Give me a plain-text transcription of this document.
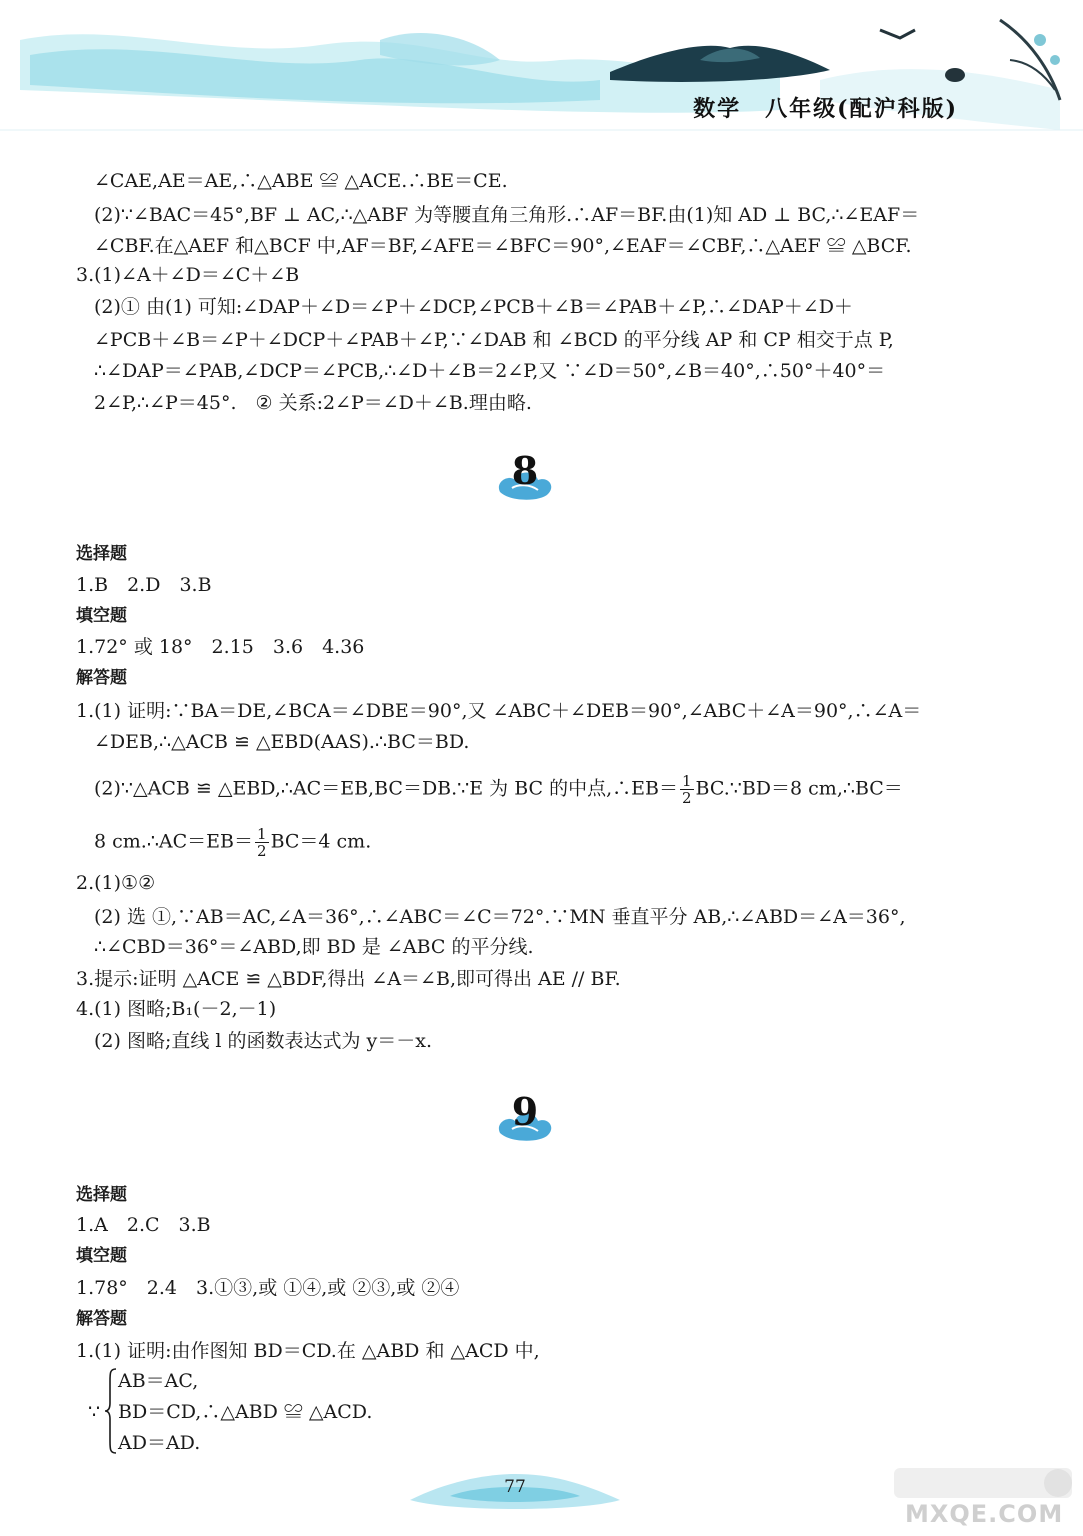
数学　八年级(配沪科版)
∠CAE,AE＝AE,∴△ABE ≌ △ACE.∴BE＝CE.
(2)∵∠BAC＝45°,BF ⊥ AC,∴△ABF 为等腰直角三角形.∴AF＝BF.由(1)知 AD ⊥ BC,∴∠EAF＝
∠CBF.在△AEF 和△BCF 中,AF＝BF,∠AFE＝∠BFC＝90°,∠EAF＝∠CBF,∴△AEF ≌ △BCF.
3.(1)∠A＋∠D＝∠C＋∠B
(2)① 由(1) 可知:∠DAP＋∠D＝∠P＋∠DCP,∠PCB＋∠B＝∠PAB＋∠P,∴∠DAP＋∠D＋
∠PCB＋∠B＝∠P＋∠DCP＋∠PAB＋∠P,∵∠DAB 和 ∠BCD 的平分线 AP 和 CP 相交于点 P,
∴∠DAP＝∠PAB,∠DCP＝∠PCB,∴∠D＋∠B＝2∠P,又 ∵∠D＝50°,∠B＝40°,∴50°＋40°＝
2∠P,∴∠P＝45°.　② 关系:2∠P＝∠D＋∠B.理由略.
8
选择题
1.B　2.D　3.B
填空题
1.72° 或 18°　2.15　3.6　4.36
解答题
1.(1) 证明:∵BA＝DE,∠BCA＝∠DBE＝90°,又 ∠ABC＋∠DEB＝90°,∠ABC＋∠A＝90°,∴∠A＝
∠DEB,∴△ACB ≌ △EBD(AAS).∴BC＝BD.
(2)∵△ACB ≌ △EBD,∴AC＝EB,BC＝DB.∵E 为 BC 的中点,∴EB＝ $\frac{1}{2}$ BC.∵BD＝8 cm,∴BC＝
8 cm.∴AC＝EB＝ $\frac{1}{2} BC=4$ cm.
2.(1)①②
(2) 选 ①,∵AB＝AC,∠A＝36°,∴∠ABC＝∠C＝72°.∵MN 垂直平分 AB,∴∠ABD＝∠A＝36°,
∴∠CBD＝36°＝∠ABD,即 BD 是 ∠ABC 的平分线.
3.提示:证明 △ACE ≌ △BDF,得出 ∠A＝∠B,即可得出 AE // BF.
4.(1) 图略;B₁(－2,－1)
(2) 图略;直线 l 的函数表达式为 y＝－x.
9
选择题
1.A　2.C　3.B
填空题
1.78°　2.4　3.①③,或 ①④,或 ②③,或 ②④
解答题
1.(1) 证明:由作图知 BD＝CD.在 △ABD 和 △ACD 中,
∵
AB＝AC,
BD＝CD,∴△ABD ≌ △ACD.
AD＝AD.
77
MXQE.COM
